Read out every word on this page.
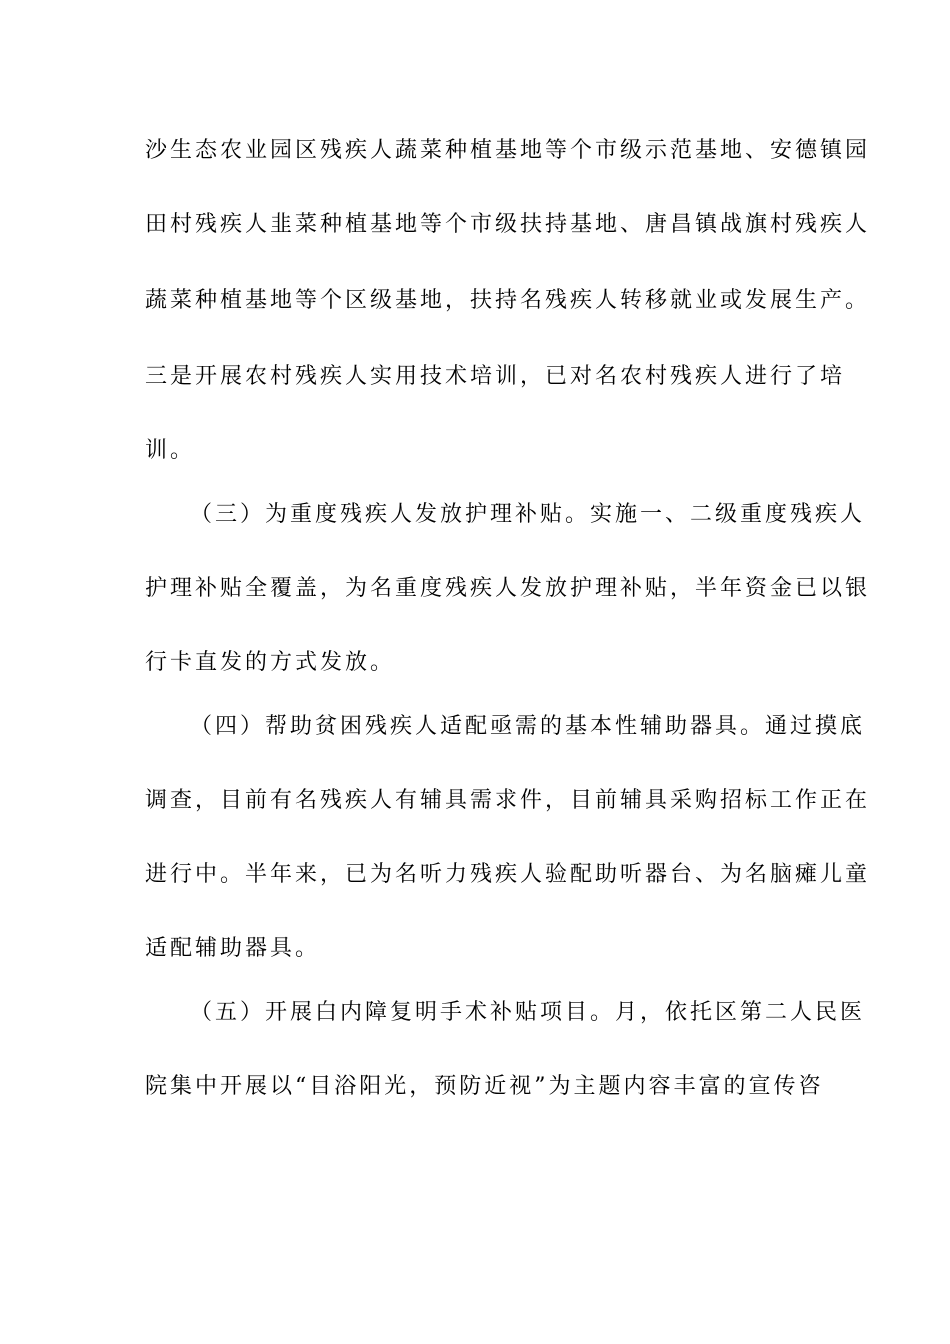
沙生态农业园区残疾人蔬菜种植基地等个市级示范基地、安德镇园
田村残疾人韭菜种植基地等个市级扶持基地、唐昌镇战旗村残疾人
蔬菜种植基地等个区级基地，扶持名残疾人转移就业或发展生产。
三是开展农村残疾人实用技术培训，已对名农村残疾人进行了培
训。
（三）为重度残疾人发放护理补贴。实施一、二级重度残疾人
护理补贴全覆盖，为名重度残疾人发放护理补贴，半年资金已以银
行卡直发的方式发放。
（四）帮助贫困残疾人适配亟需的基本性辅助器具。通过摸底
调查，目前有名残疾人有辅具需求件，目前辅具采购招标工作正在
进行中。半年来，已为名听力残疾人验配助听器台、为名脑瘫儿童
适配辅助器具。
（五）开展白内障复明手术补贴项目。月，依托区第二人民医
院集中开展以“目浴阳光，预防近视”为主题内容丰富的宣传咨
